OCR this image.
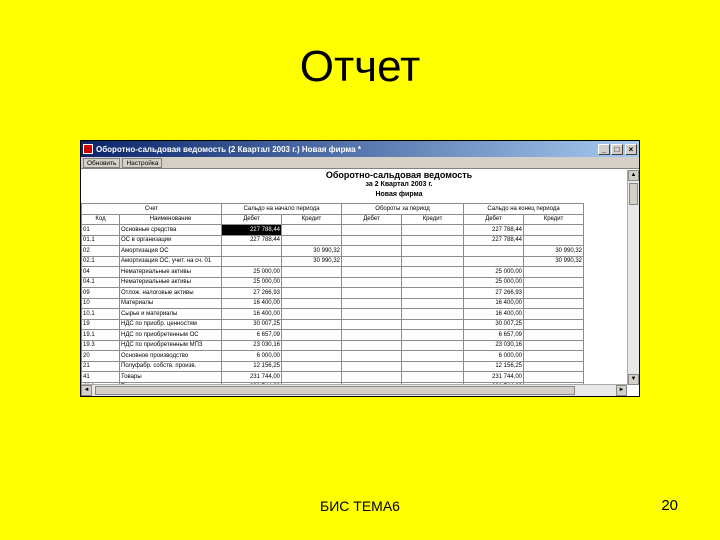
Отчет
Оборотно-сальдовая ведомость (2 Квартал 2003 г.) Новая фирма *	_	□	×
Обновить	Настройка
Оборотно-сальдовая ведомость
за 2 Квартал 2003 г.
Новая фирма
Счет		Сальдо на начало периода		Обороты за период		Сальдо на конец периода	
Код	Наименование	Дебет	Кредит	Дебет	Кредит	Дебет	Кредит
01	Основные средства	227 788,44				227 788,44	
01.1	ОС в организации	227 788,44				227 788,44	
02	Амортизация ОС		30 990,32				30 990,32
02.1	Амортизация ОС, учит. на сч. 01		30 990,32				30 990,32
04	Нематериальные активы	25 000,00				25 000,00	
04.1	Нематериальные активы	25 000,00				25 000,00	
09	Отлож. налоговые активы	27 266,93				27 266,93	
10	Материалы	16 400,00				16 400,00	
10.1	Сырье и материалы	16 400,00				16 400,00	
19	НДС по приобр. ценностям	30 007,25				30 007,25	
19.1	НДС по приобретенным ОС	6 657,09				6 657,09	
19.3	НДС по приобретенным МПЗ	23 030,16				23 030,16	
20	Основное производство	6 000,00				6 000,00	
21	Полуфабр. собств. произв.	12 156,25				12 156,25	
41	Товары	231 744,00				231 744,00	

▲
▼
◄	►
БИС ТЕМА6	20
